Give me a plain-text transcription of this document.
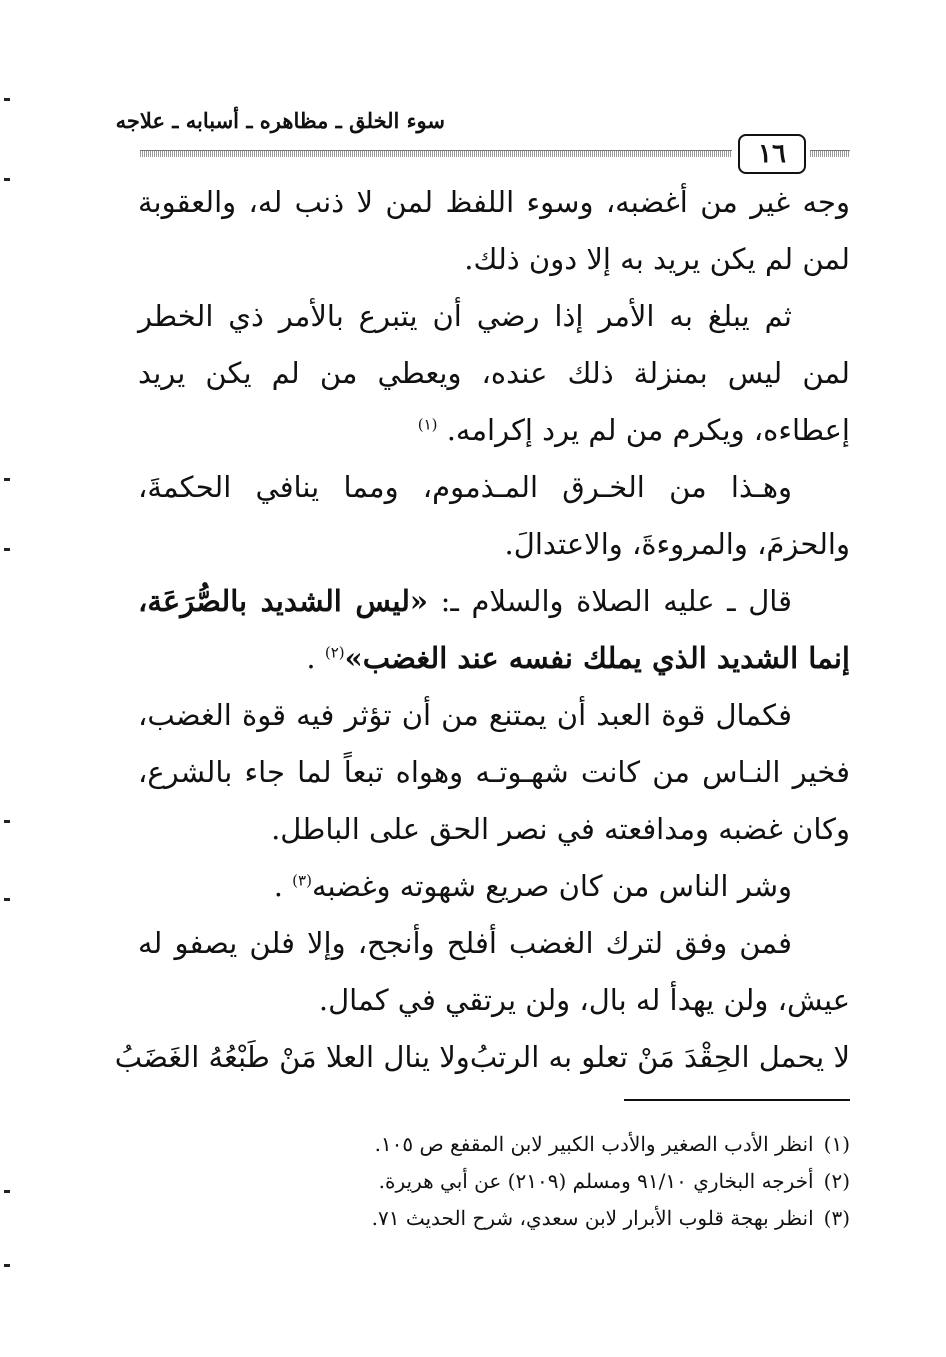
سوء الخلق ـ مظاهره ـ أسبابه ـ علاجه
١٦

وجه غير من أغضبه، وسوء اللفظ لمن لا ذنب له، والعقوبة لمن لم يكن يريد به إلا دون ذلك.

ثم يبلغ به الأمر إذا رضي أن يتبرع بالأمر ذي الخطر لمن ليس بمنزلة ذلك عنده، ويعطي من لم يكن يريد إعطاءه، ويكرم من لم يرد إكرامه. $^{(١)}$

وهـذا من الخـرق المـذموم، ومما ينافي الحكمةَ، والحزمَ، والمروءةَ، والاعتدالَ.

قال ـ عليه الصلاة والسلام ـ: «ليس الشديد بالصُّرَعَة، إنما الشديد الذي يملك نفسه عند الغضب»$^{(٢)}$ .

فكمال قوة العبد أن يمتنع من أن تؤثر فيه قوة الغضب، فخير النـاس من كانت شهـوتـه وهواه تبعاً لما جاء بالشرع، وكان غضبه ومدافعته في نصر الحق على الباطل.

وشر الناس من كان صريع شهوته وغضبه$^{(٣)}$ .

فمن وفق لترك الغضب أفلح وأنجح، وإلا فلن يصفو له عيش، ولن يهدأ له بال، ولن يرتقي في كمال.

لا يحمل الحِقْدَ مَنْ تعلو به الرتبُ
ولا ينال العلا مَنْ طَبْعُهُ الغَضَبُ
(١)انظر الأدب الصغير والأدب الكبير لابن المقفع ص ١٠٥.
(٢)أخرجه البخاري ٩١/١٠ ومسلم (٢١٠٩) عن أبي هريرة.
(٣)انظر بهجة قلوب الأبرار لابن سعدي، شرح الحديث ٧١.
